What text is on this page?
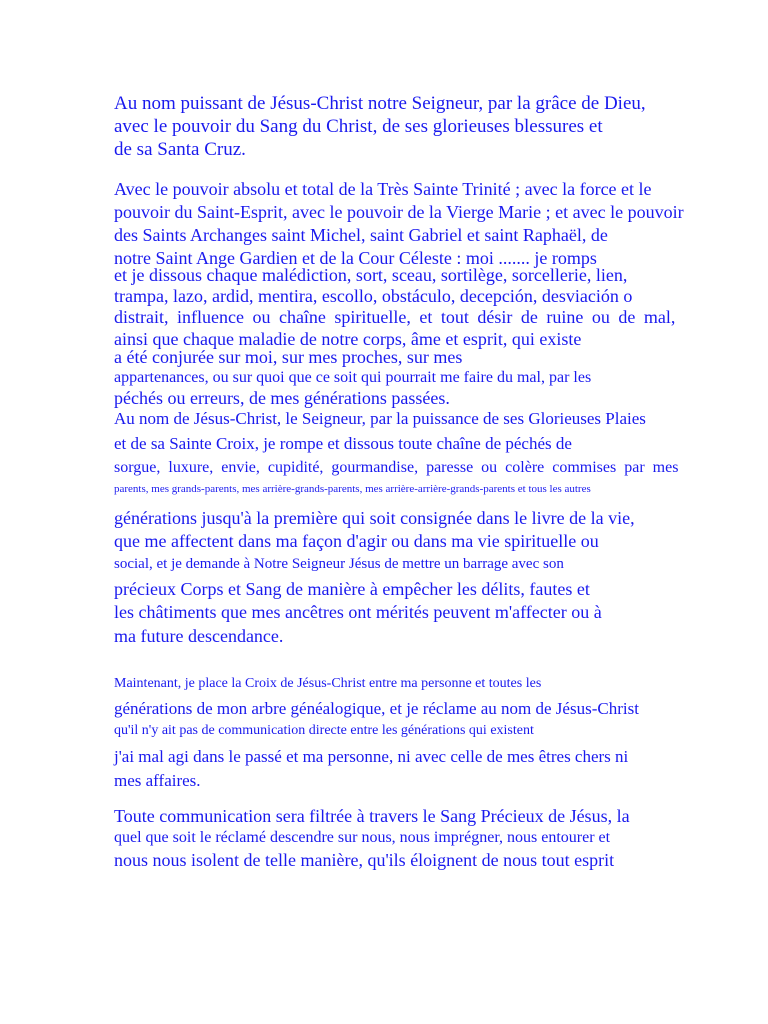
Au nom puissant de Jésus-Christ notre Seigneur, par la grâce de Dieu,

avec le pouvoir du Sang du Christ, de ses glorieuses blessures et

de sa Santa Cruz.

Avec le pouvoir absolu et total de la Très Sainte Trinité ; avec la force et le

pouvoir du Saint-Esprit, avec le pouvoir de la Vierge Marie ; et avec le pouvoir

des Saints Archanges saint Michel, saint Gabriel et saint Raphaël, de

notre Saint Ange Gardien et de la Cour Céleste : moi ....... je romps

et je dissous chaque malédiction, sort, sceau, sortilège, sorcellerie, lien,

trampa, lazo, ardid, mentira, escollo, obstáculo, decepción, desviación o

distrait, influence ou chaîne spirituelle, et tout désir de ruine ou de mal,

ainsi que chaque maladie de notre corps, âme et esprit, qui existe

a été conjurée sur moi, sur mes proches, sur mes

appartenances, ou sur quoi que ce soit qui pourrait me faire du mal, par les

péchés ou erreurs, de mes générations passées.

Au nom de Jésus-Christ, le Seigneur, par la puissance de ses Glorieuses Plaies

et de sa Sainte Croix, je rompe et dissous toute chaîne de péchés de

sorgue, luxure, envie, cupidité, gourmandise, paresse ou colère commises par mes

parents, mes grands-parents, mes arrière-grands-parents, mes arrière-arrière-grands-parents et tous les autres

générations jusqu'à la première qui soit consignée dans le livre de la vie,

que me affectent dans ma façon d'agir ou dans ma vie spirituelle ou

social, et je demande à Notre Seigneur Jésus de mettre un barrage avec son

précieux Corps et Sang de manière à empêcher les délits, fautes et

les châtiments que mes ancêtres ont mérités peuvent m'affecter ou à

ma future descendance.

Maintenant, je place la Croix de Jésus-Christ entre ma personne et toutes les

générations de mon arbre généalogique, et je réclame au nom de Jésus-Christ

qu'il n'y ait pas de communication directe entre les générations qui existent

j'ai mal agi dans le passé et ma personne, ni avec celle de mes êtres chers ni

mes affaires.

Toute communication sera filtrée à travers le Sang Précieux de Jésus, la

quel que soit le réclamé descendre sur nous, nous imprégner, nous entourer et

nous nous isolent de telle manière, qu'ils éloignent de nous tout esprit
